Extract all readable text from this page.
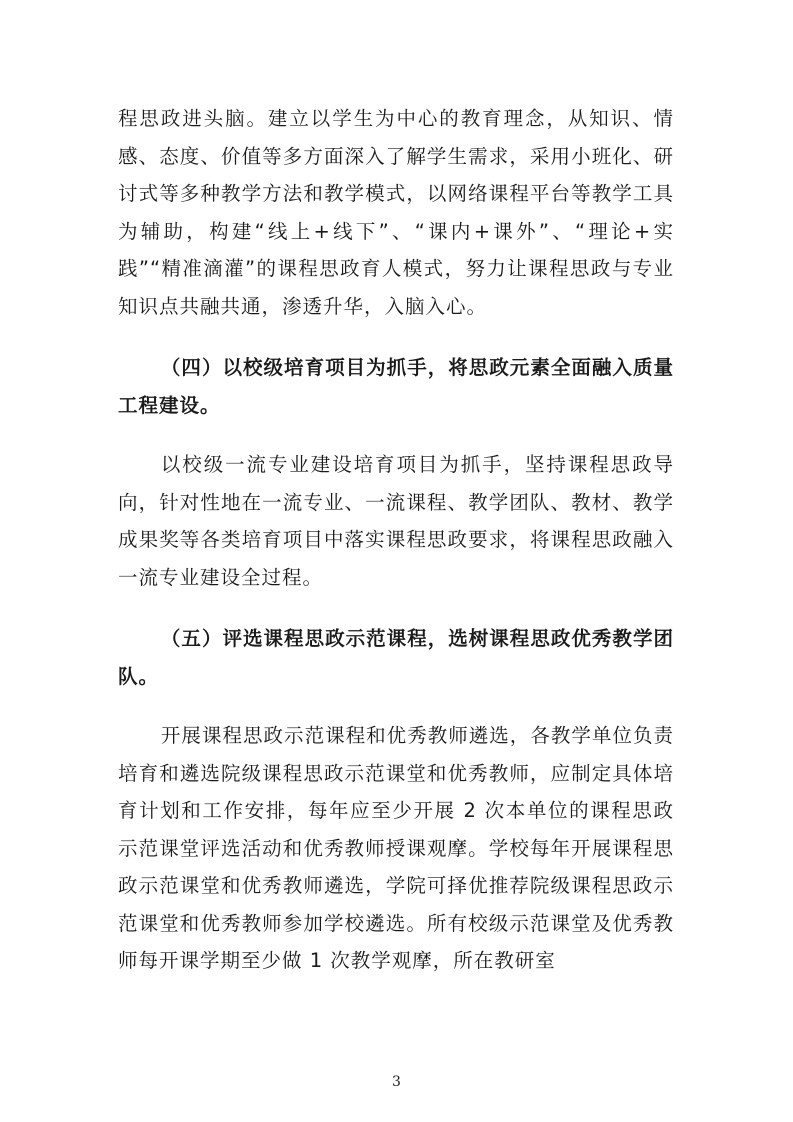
程思政进头脑。建立以学生为中心的教育理念，从知识、情感、态度、价值等多方面深入了解学生需求，采用小班化、研讨式等多种教学方法和教学模式，以网络课程平台等教学工具为辅助，构建“线上+线下”、“课内+课外”、“理论+实践”“精准滴灌”的课程思政育人模式，努力让课程思政与专业知识点共融共通，渗透升华，入脑入心。

（四）以校级培育项目为抓手，将思政元素全面融入质量工程建设。

以校级一流专业建设培育项目为抓手，坚持课程思政导向，针对性地在一流专业、一流课程、教学团队、教材、教学成果奖等各类培育项目中落实课程思政要求，将课程思政融入一流专业建设全过程。

（五）评选课程思政示范课程，选树课程思政优秀教学团队。

开展课程思政示范课程和优秀教师遴选，各教学单位负责培育和遴选院级课程思政示范课堂和优秀教师，应制定具体培育计划和工作安排，每年应至少开展 2 次本单位的课程思政示范课堂评选活动和优秀教师授课观摩。学校每年开展课程思政示范课堂和优秀教师遴选，学院可择优推荐院级课程思政示范课堂和优秀教师参加学校遴选。所有校级示范课堂及优秀教师每开课学期至少做 1 次教学观摩，所在教研室

3
